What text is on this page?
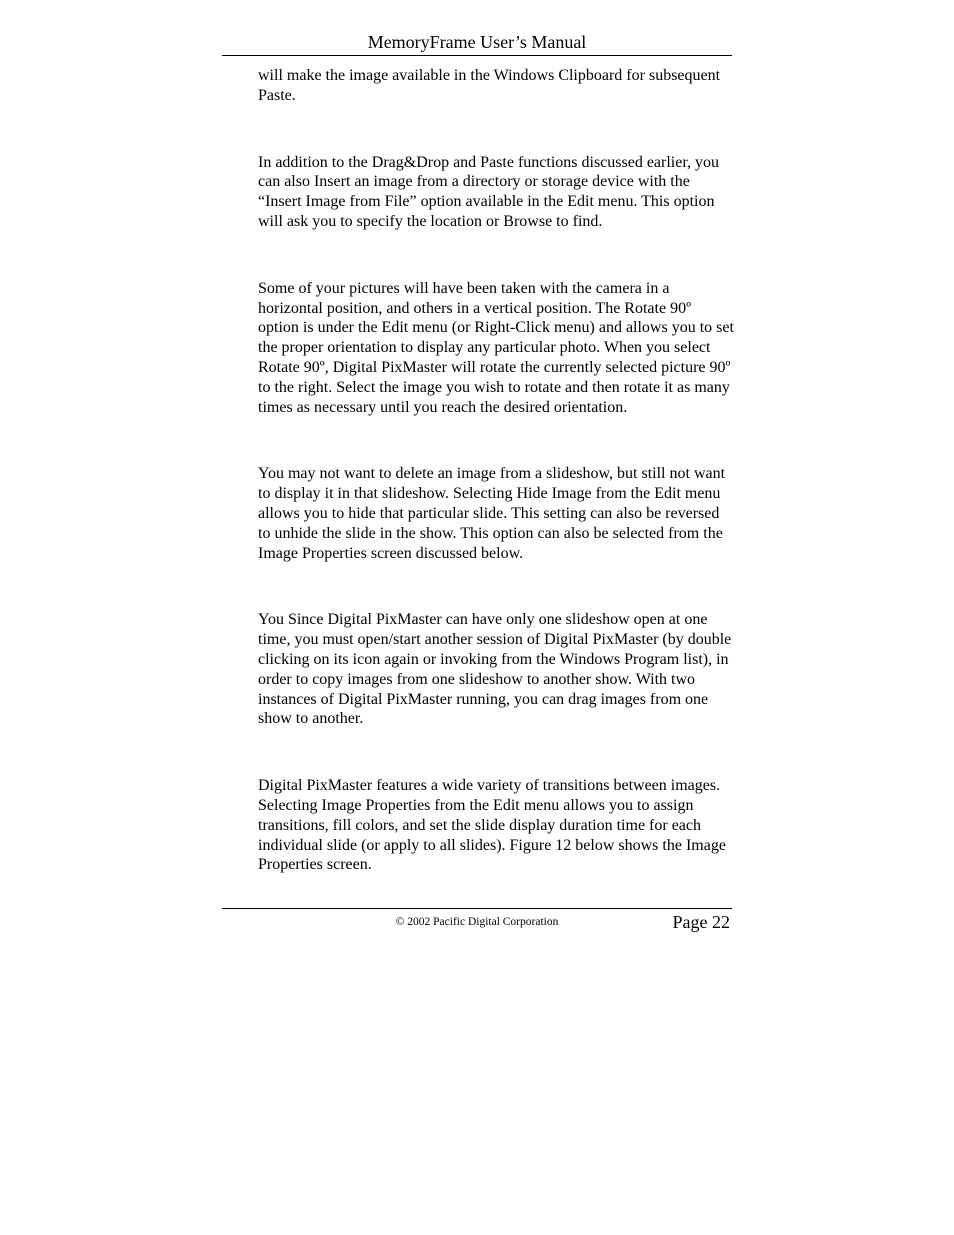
MemoryFrame User’s Manual

will make the image available in the Windows Clipboard for subsequent Paste.

In addition to the Drag&Drop and Paste functions discussed earlier, you can also Insert an image from a directory or storage device with the “Insert Image from File” option available in the Edit menu. This option will ask you to specify the location or Browse to find.

Some of your pictures will have been taken with the camera in a horizontal position, and others in a vertical position. The Rotate 90º option is under the Edit menu (or Right-Click menu) and allows you to set the proper orientation to display any particular photo. When you select Rotate 90º, Digital PixMaster will rotate the currently selected picture 90º to the right. Select the image you wish to rotate and then rotate it as many times as necessary until you reach the desired orientation.

You may not want to delete an image from a slideshow, but still not want to display it in that slideshow. Selecting Hide Image from the Edit menu allows you to hide that particular slide. This setting can also be reversed to unhide the slide in the show. This option can also be selected from the Image Properties screen discussed below.

You Since Digital PixMaster can have only one slideshow open at one time, you must open/start another session of Digital PixMaster (by double clicking on its icon again or invoking from the Windows Program list), in order to copy images from one slideshow to another show. With two instances of Digital PixMaster running, you can drag images from one show to another.

Digital PixMaster features a wide variety of transitions between images. Selecting Image Properties from the Edit menu allows you to assign transitions, fill colors, and set the slide display duration time for each individual slide (or apply to all slides). Figure 12 below shows the Image Properties screen.

© 2002 Pacific Digital Corporation	Page 22
